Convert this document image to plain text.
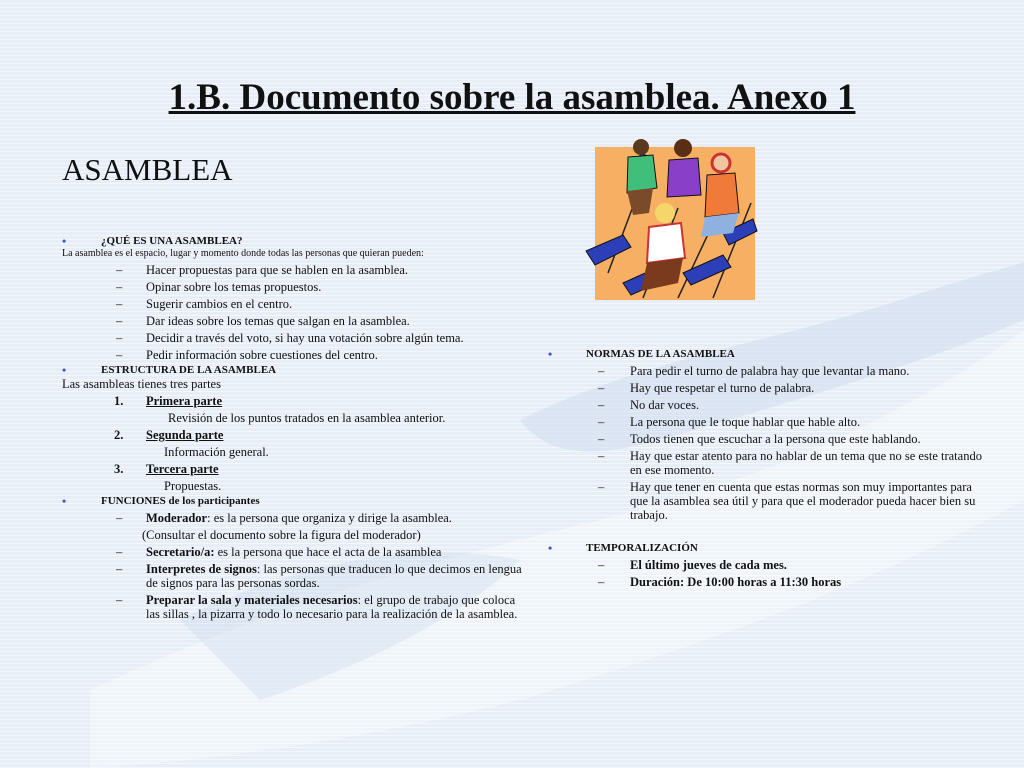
1.B. Documento sobre la asamblea. Anexo 1
ASAMBLEA
• ¿QUÉ ES UNA ASAMBLEA?
La asamblea es el espacio, lugar y momento donde todas las personas que quieran pueden:
– Hacer propuestas para que se hablen en la asamblea.
– Opinar sobre los temas propuestos.
– Sugerir cambios en el centro.
– Dar ideas sobre los temas que salgan en la asamblea.
– Decidir a través del voto, si hay una votación sobre algún tema.
– Pedir información sobre cuestiones del centro.
• ESTRUCTURA DE LA ASAMBLEA
Las asambleas tienes tres partes
1. Primera parte
Revisión de los puntos tratados en la asamblea anterior.
2. Segunda parte
Información general.
3. Tercera parte
Propuestas.
• FUNCIONES de los participantes
– Moderador: es la persona que organiza y dirige la asamblea.
(Consultar el documento sobre la figura del moderador)
– Secretario/a: es la persona que hace el acta de la asamblea
– Interpretes de signos: las personas que traducen lo que decimos en lengua de signos para las personas sordas.
– Preparar la sala y materiales necesarios: el grupo de trabajo que coloca las sillas , la pizarra y todo lo necesario para la realización de la asamblea.
• NORMAS DE LA ASAMBLEA
– Para pedir el turno de palabra hay que levantar la mano.
– Hay que respetar el turno de palabra.
– No dar voces.
– La persona que le toque hablar que hable alto.
– Todos tienen que escuchar a la persona que este hablando.
– Hay que estar atento para no hablar de un tema que no se este tratando en ese momento.
– Hay que tener en cuenta que estas normas son muy importantes para que la asamblea sea útil y para que el moderador pueda hacer bien su trabajo.
• TEMPORALIZACIÓN
– El último jueves de cada mes.
– Duración: De 10:00 horas a 11:30 horas
